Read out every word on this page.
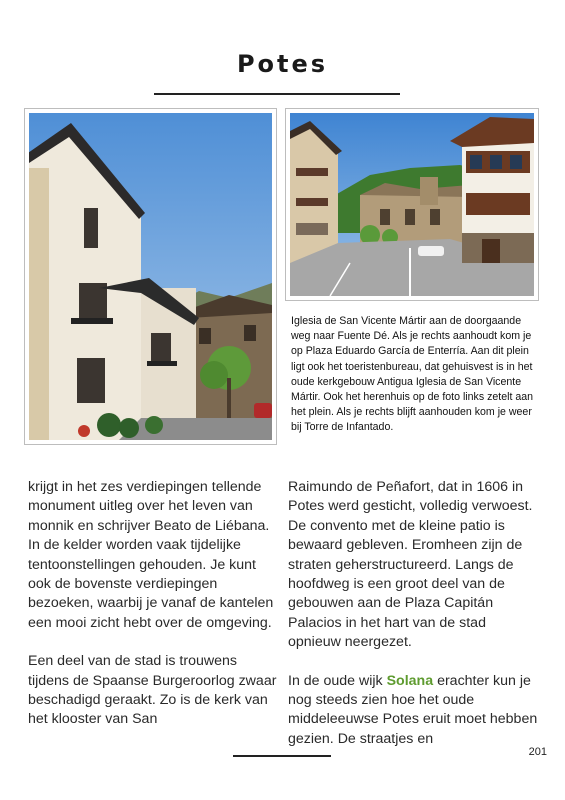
Potes
Iglesia de San Vicente Mártir aan de doorgaande weg naar Fuente Dé. Als je rechts aanhoudt kom je op Plaza Eduardo García de Enterría. Aan dit plein ligt ook het toeristenbureau, dat gehuisvest is in het oude kerkgebouw Antigua Iglesia de San Vicente Mártir. Ook het herenhuis op de foto links zetelt aan het plein. Als je rechts blijft aanhouden kom je weer bij Torre de Infantado.

krijgt in het zes verdiepingen tellende monument uitleg over het leven van monnik en schrijver Beato de Liébana. In de kelder worden vaak tijdelijke tentoonstellingen gehouden. Je kunt ook de bovenste verdiepingen bezoeken, waarbij je vanaf de kantelen een mooi zicht hebt over de omgeving.

Een deel van de stad is trouwens tijdens de Spaanse Burgeroorlog zwaar beschadigd geraakt. Zo is de kerk van het klooster van San

Raimundo de Peñafort, dat in 1606 in Potes werd gesticht, volledig verwoest. De convento met de kleine patio is bewaard gebleven. Eromheen zijn de straten geherstructureerd. Langs de hoofdweg is een groot deel van de gebouwen aan de Plaza Capitán Palacios in het hart van de stad opnieuw neergezet.

In de oude wijk Solana erachter kun je nog steeds zien hoe het oude middeleeuwse Potes eruit moet hebben gezien. De straatjes en

201
